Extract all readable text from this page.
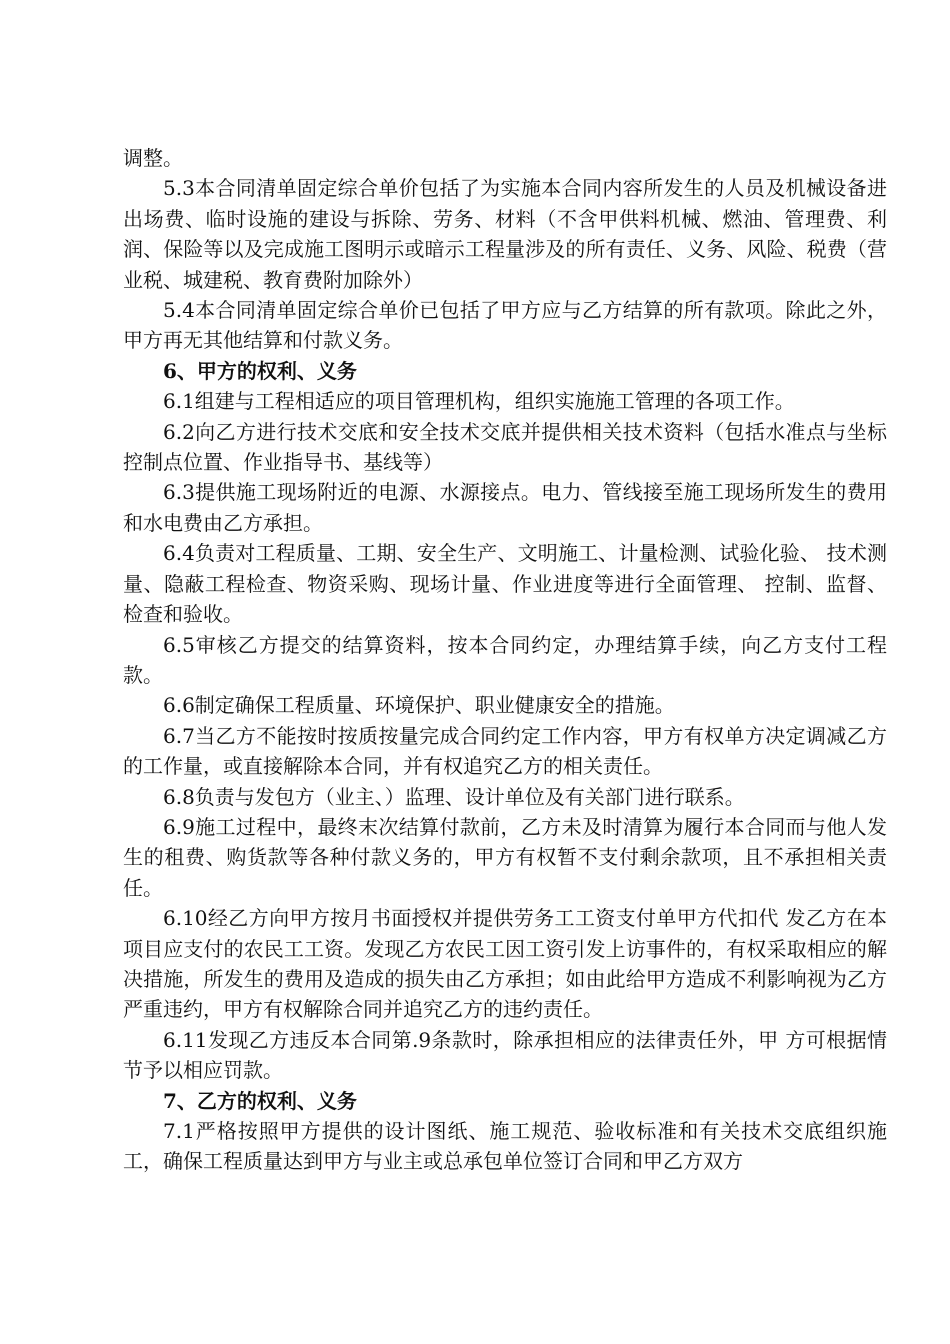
调整。

5.3本合同清单固定综合单价包括了为实施本合同内容所发生的人员及机械设备进出场费、临时设施的建设与拆除、劳务、材料（不含甲供料机械、燃油、管理费、利润、保险等以及完成施工图明示或暗示工程量涉及的所有责任、义务、风险、税费（营业税、城建税、教育费附加除外）

5.4本合同清单固定综合单价已包括了甲方应与乙方结算的所有款项。除此之外，甲方再无其他结算和付款义务。

6、甲方的权利、义务

6.1组建与工程相适应的项目管理机构，组织实施施工管理的各项工作。

6.2向乙方进行技术交底和安全技术交底并提供相关技术资料（包括水准点与坐标控制点位置、作业指导书、基线等）

6.3提供施工现场附近的电源、水源接点。电力、管线接至施工现场所发生的费用和水电费由乙方承担。

6.4负责对工程质量、工期、安全生产、文明施工、计量检测、试验化验、 技术测量、隐蔽工程检查、物资采购、现场计量、作业进度等进行全面管理、 控制、监督、检查和验收。

6.5审核乙方提交的结算资料，按本合同约定，办理结算手续，向乙方支付工程款。

6.6制定确保工程质量、环境保护、职业健康安全的措施。

6.7当乙方不能按时按质按量完成合同约定工作内容，甲方有权单方决定调减乙方的工作量，或直接解除本合同，并有权追究乙方的相关责任。

6.8负责与发包方（业主、）监理、设计单位及有关部门进行联系。

6.9施工过程中，最终末次结算付款前，乙方未及时清算为履行本合同而与他人发生的租费、购货款等各种付款义务的，甲方有权暂不支付剩余款项，且不承担相关责任。

6.10经乙方向甲方按月书面授权并提供劳务工工资支付单甲方代扣代 发乙方在本项目应支付的农民工工资。发现乙方农民工因工资引发上访事件的，有权采取相应的解决措施，所发生的费用及造成的损失由乙方承担；如由此给甲方造成不利影响视为乙方严重违约，甲方有权解除合同并追究乙方的违约责任。

6.11发现乙方违反本合同第.9条款时，除承担相应的法律责任外，甲 方可根据情节予以相应罚款。

7、乙方的权利、义务

7.1严格按照甲方提供的设计图纸、施工规范、验收标准和有关技术交底组织施工，确保工程质量达到甲方与业主或总承包单位签订合同和甲乙方双方
